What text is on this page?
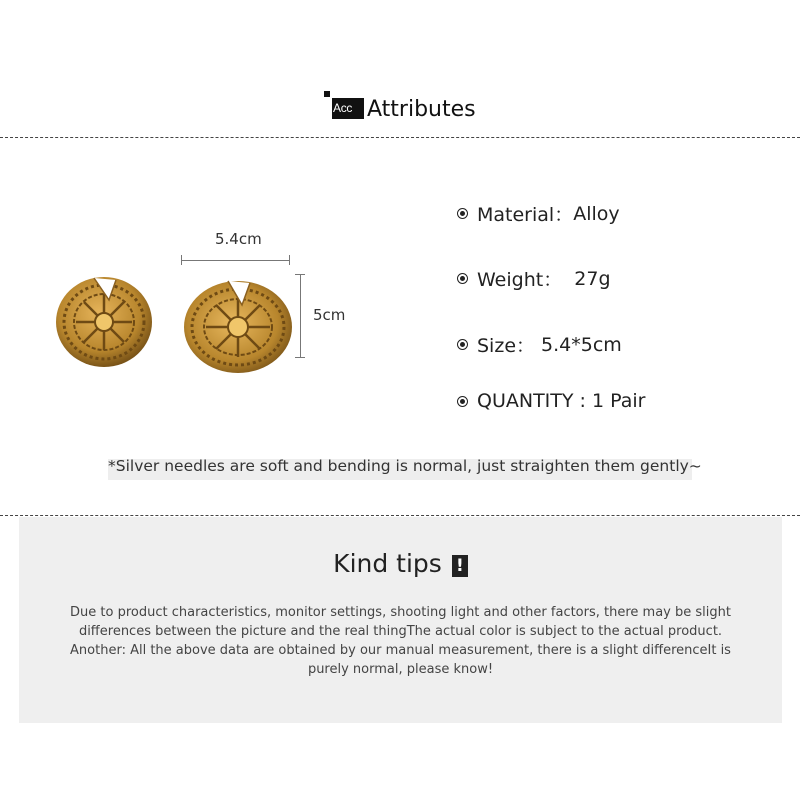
Acc Attributes
5.4cm
5cm
Material： Alloy
Weight： 27g
Size： 5.4*5cm
QUANTITY : 1 Pair
*Silver needles are soft and bending is normal, just straighten them gently~
Kind tips !
Due to product characteristics, monitor settings, shooting light and other factors, there may be slight differences between the picture and the real thingThe actual color is subject to the actual product. Another: All the above data are obtained by our manual measurement, there is a slight differenceIt is purely normal, please know!
